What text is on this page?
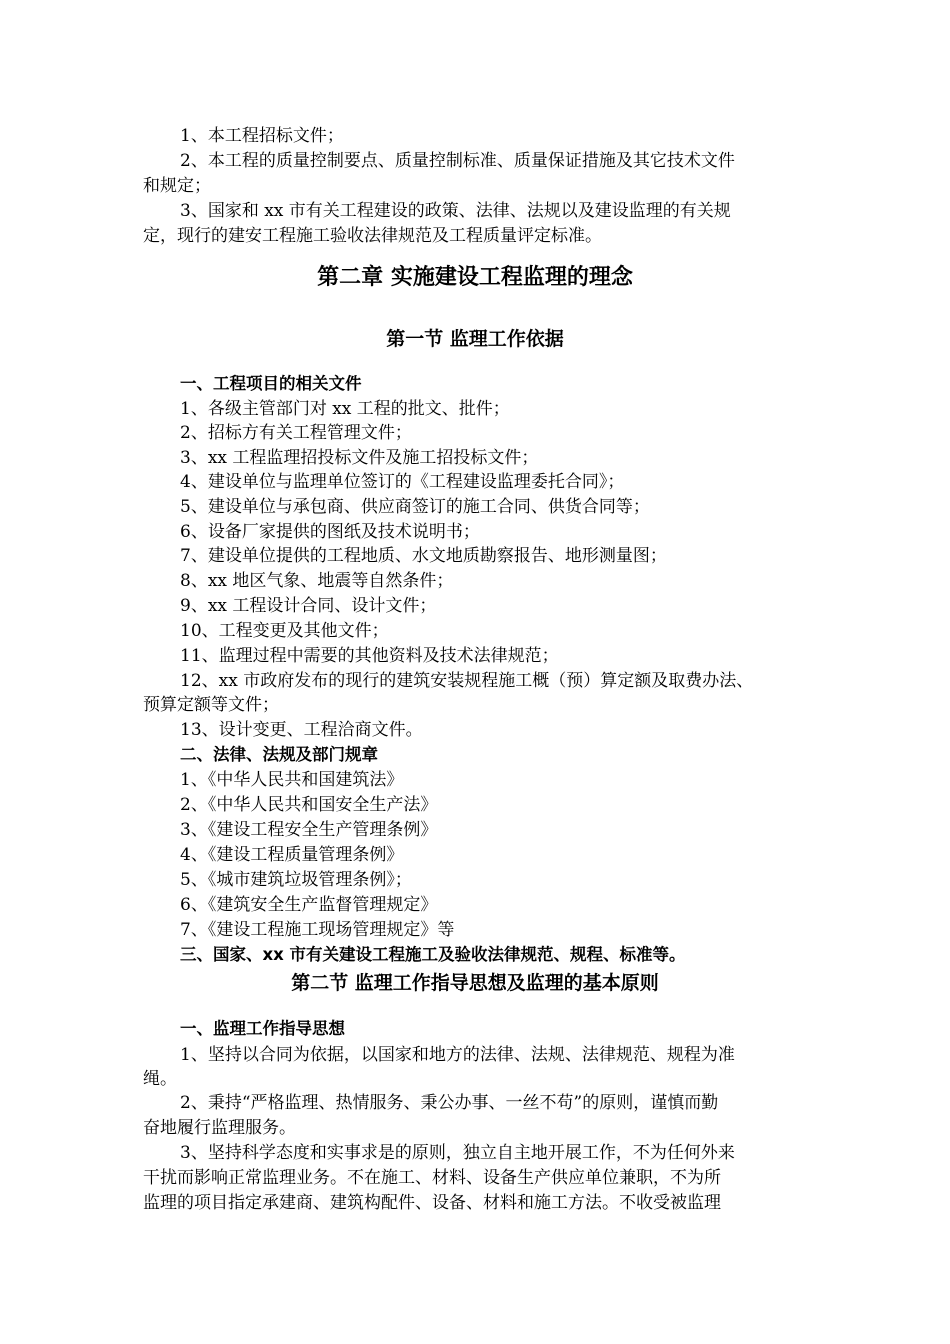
1、本工程招标文件；
2、本工程的质量控制要点、质量控制标准、质量保证措施及其它技术文件
和规定；
3、国家和 xx 市有关工程建设的政策、法律、法规以及建设监理的有关规
定，现行的建安工程施工验收法律规范及工程质量评定标准。
第二章 实施建设工程监理的理念
第一节 监理工作依据
一、工程项目的相关文件
1、各级主管部门对 xx 工程的批文、批件；
2、招标方有关工程管理文件；
3、xx 工程监理招投标文件及施工招投标文件；
4、建设单位与监理单位签订的《工程建设监理委托合同》；
5、建设单位与承包商、供应商签订的施工合同、供货合同等；
6、设备厂家提供的图纸及技术说明书；
7、建设单位提供的工程地质、水文地质勘察报告、地形测量图；
8、xx 地区气象、地震等自然条件；
9、xx 工程设计合同、设计文件；
10、工程变更及其他文件；
11、监理过程中需要的其他资料及技术法律规范；
12、xx 市政府发布的现行的建筑安装规程施工概（预）算定额及取费办法、
预算定额等文件；
13、设计变更、工程洽商文件。
二、法律、法规及部门规章
1、《中华人民共和国建筑法》
2、《中华人民共和国安全生产法》
3、《建设工程安全生产管理条例》
4、《建设工程质量管理条例》
5、《城市建筑垃圾管理条例》；
6、《建筑安全生产监督管理规定》
7、《建设工程施工现场管理规定》等
三、国家、xx 市有关建设工程施工及验收法律规范、规程、标准等。
第二节 监理工作指导思想及监理的基本原则
一、监理工作指导思想
1、坚持以合同为依据，以国家和地方的法律、法规、法律规范、规程为准
绳。
2、秉持“严格监理、热情服务、秉公办事、一丝不苟”的原则，谨慎而勤
奋地履行监理服务。
3、坚持科学态度和实事求是的原则，独立自主地开展工作，不为任何外来
干扰而影响正常监理业务。不在施工、材料、设备生产供应单位兼职，不为所
监理的项目指定承建商、建筑构配件、设备、材料和施工方法。不收受被监理
